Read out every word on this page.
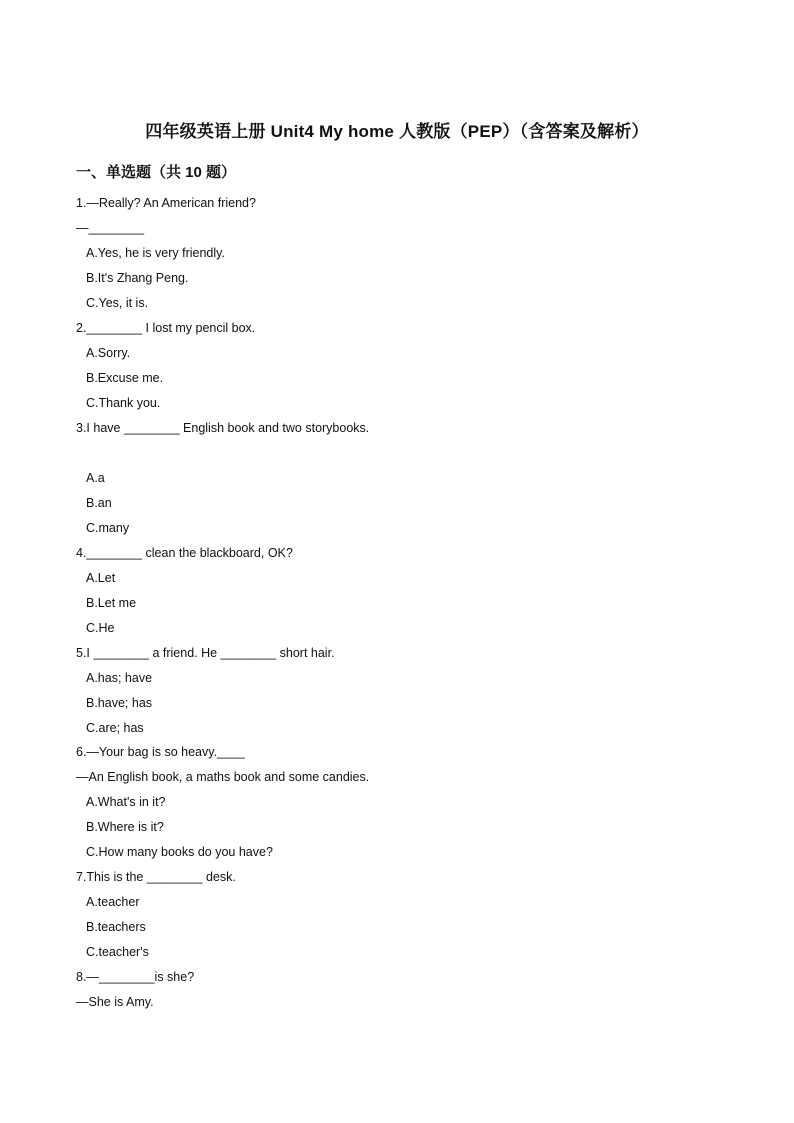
四年级英语上册 Unit4 My home 人教版（PEP）（含答案及解析）
一、单选题（共 10 题）
1.—Really? An American friend?
—________
A.Yes, he is very friendly.
B.It's Zhang Peng.
C.Yes, it is.
2.________ I lost my pencil box.
A.Sorry.
B.Excuse me.
C.Thank you.
3.I have ________ English book and two storybooks.
A.a
B.an
C.many
4.________ clean the blackboard, OK?
A.Let
B.Let me
C.He
5.I ________ a friend. He ________ short hair.
A.has; have
B.have; has
C.are; has
6.—Your bag is so heavy.____
—An English book, a maths book and some candies.
A.What's in it?
B.Where is it?
C.How many books do you have?
7.This is the ________ desk.
A.teacher
B.teachers
C.teacher's
8.—________is she?
—She is Amy.
